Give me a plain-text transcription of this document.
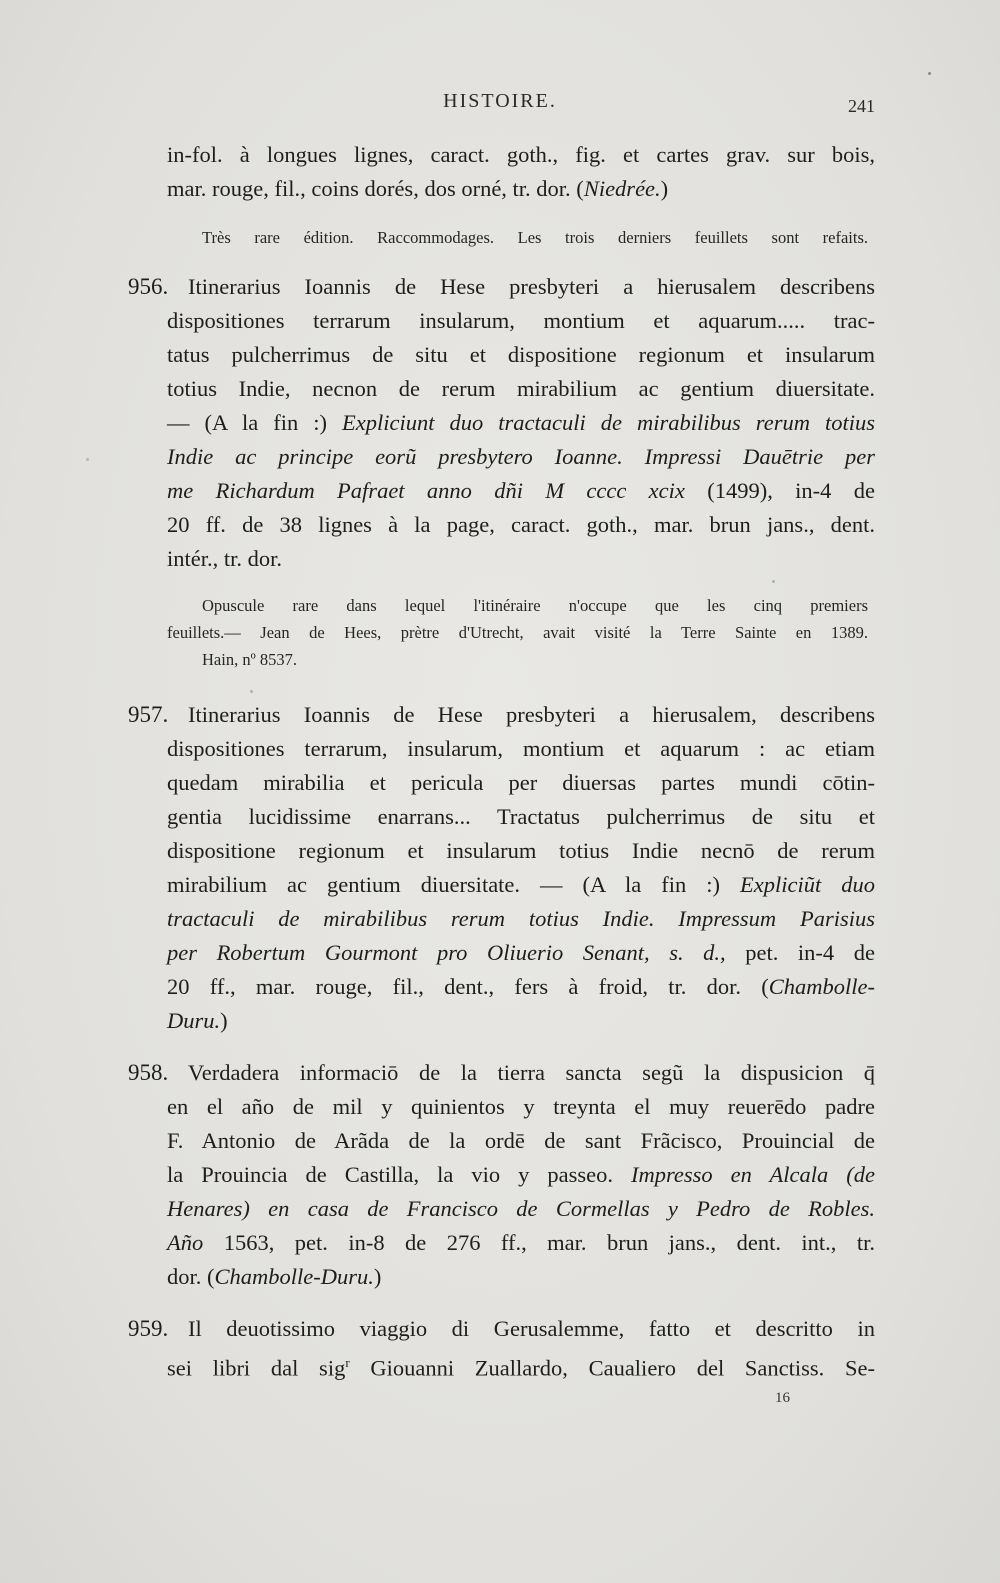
HISTOIRE.	241
in-fol. à longues lignes, caract. goth., fig. et cartes grav. sur bois,
mar. rouge, fil., coins dorés, dos orné, tr. dor. (Niedrée.)
Très rare édition. Raccommodages. Les trois derniers feuillets sont refaits.
956. Itinerarius Ioannis de Hese presbyteri a hierusalem describens
dispositiones terrarum insularum, montium et aquarum..... trac-
tatus pulcherrimus de situ et dispositione regionum et insularum
totius Indie, necnon de rerum mirabilium ac gentium diuersitate.
— (A la fin :) Expliciunt duo tractaculi de mirabilibus rerum totius
Indie ac principe eorũ presbytero Ioanne. Impressi Dauētrie per
me Richardum Pafraet anno dñi M cccc xcix (1499), in-4 de
20 ff. de 38 lignes à la page, caract. goth., mar. brun jans., dent.
intér., tr. dor.
Opuscule rare dans lequel l'itinéraire n'occupe que les cinq premiers
feuillets.— Jean de Hees, prètre d'Utrecht, avait visité la Terre Sainte en 1389.
Hain, nº 8537.
957. Itinerarius Ioannis de Hese presbyteri a hierusalem, describens
dispositiones terrarum, insularum, montium et aquarum : ac etiam
quedam mirabilia et pericula per diuersas partes mundi cōtin-
gentia lucidissime enarrans... Tractatus pulcherrimus de situ et
dispositione regionum et insularum totius Indie necnō de rerum
mirabilium ac gentium diuersitate. — (A la fin :) Expliciũt duo
tractaculi de mirabilibus rerum totius Indie. Impressum Parisius
per Robertum Gourmont pro Oliuerio Senant, s. d., pet. in-4 de
20 ff., mar. rouge, fil., dent., fers à froid, tr. dor. (Chambolle-
Duru.)
958. Verdadera informaciō de la tierra sancta segũ la dispusicion q̄
en el año de mil y quinientos y treynta el muy reuerēdo padre
F. Antonio de Arãda de la ordē de sant Frãcisco, Prouincial de
la Prouincia de Castilla, la vio y passeo. Impresso en Alcala (de
Henares) en casa de Francisco de Cormellas y Pedro de Robles.
Año 1563, pet. in-8 de 276 ff., mar. brun jans., dent. int., tr.
dor. (Chambolle-Duru.)
959. Il deuotissimo viaggio di Gerusalemme, fatto et descritto in
sei libri dal sig$^r$ Giouanni Zuallardo, Caualiero del Sanctiss. Se-
16
